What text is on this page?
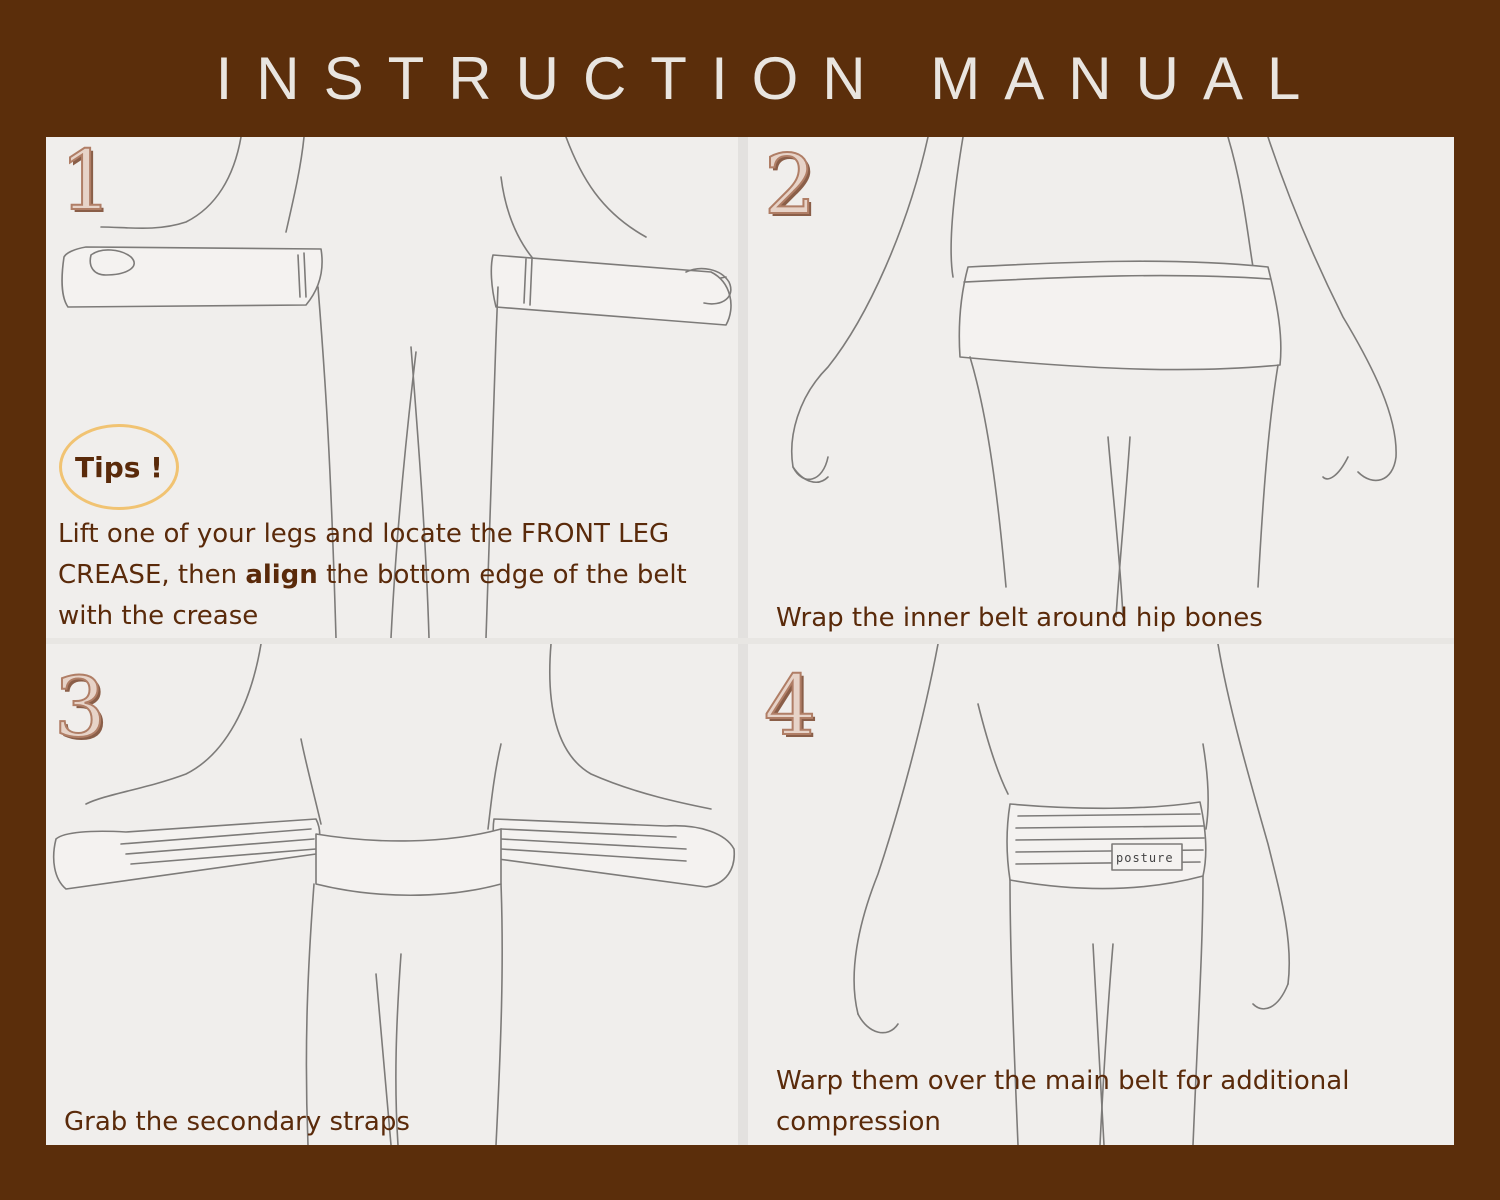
INSTRUCTION MANUAL
1
Tips !
Lift one of your legs and locate the FRONT LEG CREASE, then align the bottom edge of the belt with the crease
2
Wrap the inner belt around hip bones
3
Grab the secondary straps
4
posture
Warp them over the main belt for additional compression
